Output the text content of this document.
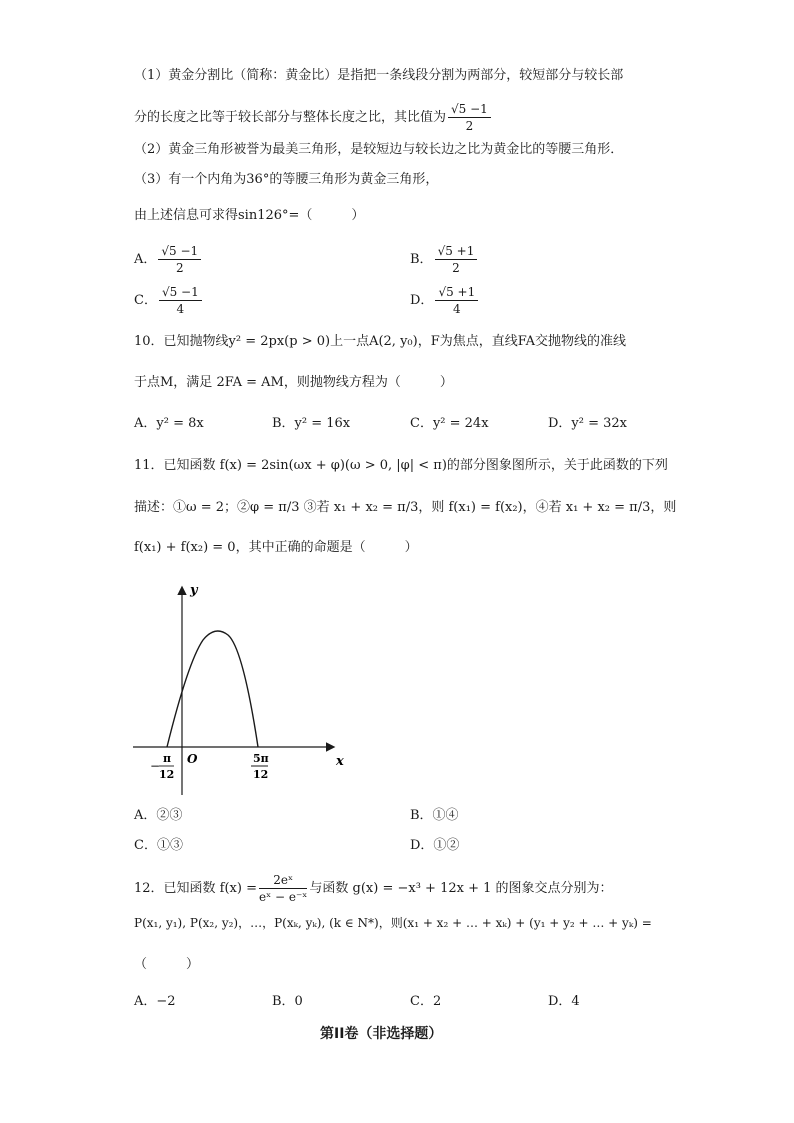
（1）黄金分割比（简称：黄金比）是指把一条线段分割为两部分，较短部分与较长部
分的长度之比等于较长部分与整体长度之比，其比值为 $\frac{√5 -1}{2}$
（2）黄金三角形被誉为最美三角形，是较短边与较长边之比为黄金比的等腰三角形．
（3）有一个内角为36°的等腰三角形为黄金三角形，
由上述信息可求得sin126°=（　　　）
A． $\frac{√5 -1}{2}$	B． $\frac{√5 +1}{2}$
C． $\frac{√5 -1}{4}$	D． $\frac{√5 +1}{4}$
10．已知抛物线y² = 2px(p > 0)上一点A(2, y₀)，F为焦点，直线FA交抛物线的准线
于点M，满足 2FA = AM，则抛物线方程为（　　　）
A．y² = 8x	B．y² = 16x	C．y² = 24x	D．y² = 32x
11．已知函数 f(x) = 2sin(ωx + φ)(ω > 0, |φ| < π)的部分图象图所示，关于此函数的下列
描述：①ω = 2；②φ = π/3 ③若 x₁ + x₂ = π/3，则 f(x₁) = f(x₂)，④若 x₁ + x₂ = π/3，则
f(x₁) + f(x₂) = 0，其中正确的命题是（　　　）
y
x
O
−
π
12
5π
12
A．②③	B．①④
C．①③	D．①②
12．已知函数 $f(x) = \frac{\text{2eˣ}}{\text{eˣ − e⁻ˣ}}$ 与函数 g(x) = −x³ + 12x + 1 的图象交点分别为：
P(x₁, y₁), P(x₂, y₂)，…，P(xₖ, yₖ), (k ∈ N*)，则(x₁ + x₂ + … + xₖ) + (y₁ + y₂ + … + yₖ) =
（　　　）
A．−2	B．0	C．2	D．4
第II卷（非选择题）
